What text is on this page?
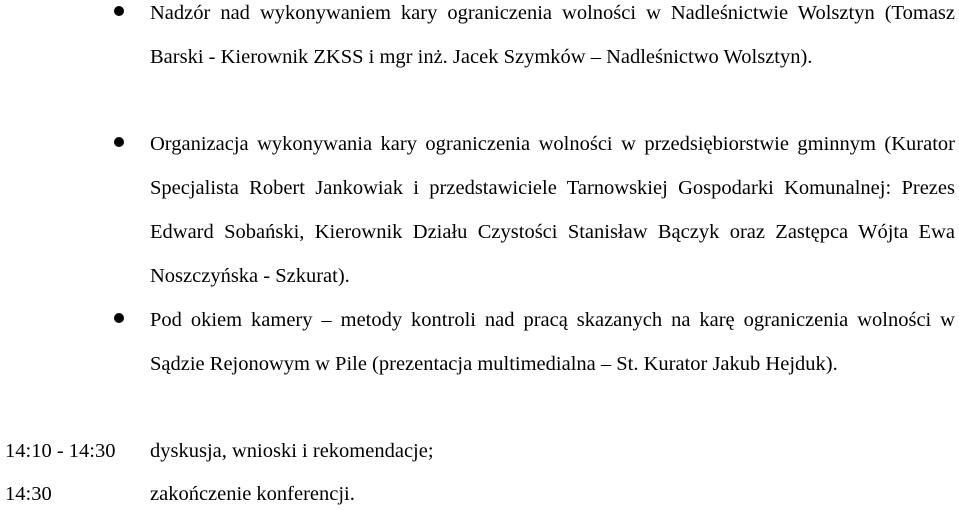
Nadzór nad wykonywaniem kary ograniczenia wolności w Nadleśnictwie Wolsztyn (Tomasz Barski - Kierownik ZKSS i mgr inż. Jacek Szymków – Nadleśnictwo Wolsztyn).
Organizacja wykonywania kary ograniczenia wolności w przedsiębiorstwie gminnym (Kurator Specjalista Robert Jankowiak i przedstawiciele Tarnowskiej Gospodarki Komunalnej: Prezes Edward Sobański, Kierownik Działu Czystości Stanisław Bączyk oraz Zastępca Wójta Ewa Noszczyńska - Szkurat).
Pod okiem kamery – metody kontroli nad pracą skazanych na karę ograniczenia wolności w Sądzie Rejonowym w Pile (prezentacja multimedialna – St. Kurator Jakub Hejduk).
14:10 - 14:30 dyskusja, wnioski i rekomendacje;
14:30	zakończenie konferencji.
